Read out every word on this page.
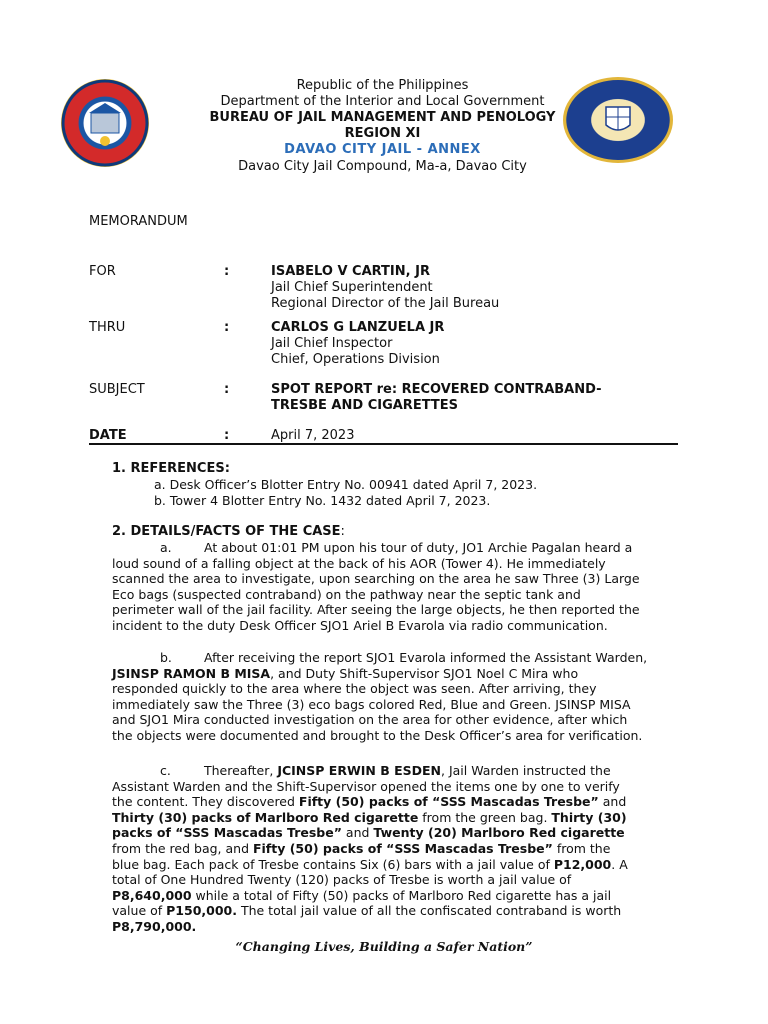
Republic of the Philippines
Department of the Interior and Local Government
BUREAU OF JAIL MANAGEMENT AND PENOLOGY
REGION XI
DAVAO CITY JAIL - ANNEX
Davao City Jail Compound, Ma-a, Davao City
MEMORANDUM
FOR	:	ISABELO V CARTIN, JR
Jail Chief Superintendent
Regional Director of the Jail Bureau
THRU	:	CARLOS G LANZUELA JR
Jail Chief Inspector
Chief, Operations Division
SUBJECT	:	SPOT REPORT re: RECOVERED CONTRABAND-
TRESBE AND CIGARETTES
DATE	:	April 7, 2023
1. REFERENCES:
a. Desk Officer’s Blotter Entry No. 00941 dated April 7, 2023.
b. Tower 4 Blotter Entry No. 1432 dated April 7, 2023.
2. DETAILS/FACTS OF THE CASE:
a.	At about 01:01 PM upon his tour of duty, JO1 Archie Pagalan heard a
loud sound of a falling object at the back of his AOR (Tower 4). He immediately
scanned the area to investigate, upon searching on the area he saw Three (3) Large
Eco bags (suspected contraband) on the pathway near the septic tank and
perimeter wall of the jail facility. After seeing the large objects, he then reported the
incident to the duty Desk Officer SJO1 Ariel B Evarola via radio communication.
b.	After receiving the report SJO1 Evarola informed the Assistant Warden,
JSINSP RAMON B MISA, and Duty Shift-Supervisor SJO1 Noel C Mira who
responded quickly to the area where the object was seen. After arriving, they
immediately saw the Three (3) eco bags colored Red, Blue and Green. JSINSP MISA
and SJO1 Mira conducted investigation on the area for other evidence, after which
the objects were documented and brought to the Desk Officer’s area for verification.
c.	Thereafter, JCINSP ERWIN B ESDEN, Jail Warden instructed the
Assistant Warden and the Shift-Supervisor opened the items one by one to verify
the content. They discovered Fifty (50) packs of “SSS Mascadas Tresbe” and
Thirty (30) packs of Marlboro Red cigarette from the green bag. Thirty (30)
packs of “SSS Mascadas Tresbe” and Twenty (20) Marlboro Red cigarette
from the red bag, and Fifty (50) packs of “SSS Mascadas Tresbe” from the
blue bag. Each pack of Tresbe contains Six (6) bars with a jail value of P12,000. A
total of One Hundred Twenty (120) packs of Tresbe is worth a jail value of
P8,640,000 while a total of Fifty (50) packs of Marlboro Red cigarette has a jail
value of P150,000. The total jail value of all the confiscated contraband is worth
P8,790,000.
“Changing Lives, Building a Safer Nation”
